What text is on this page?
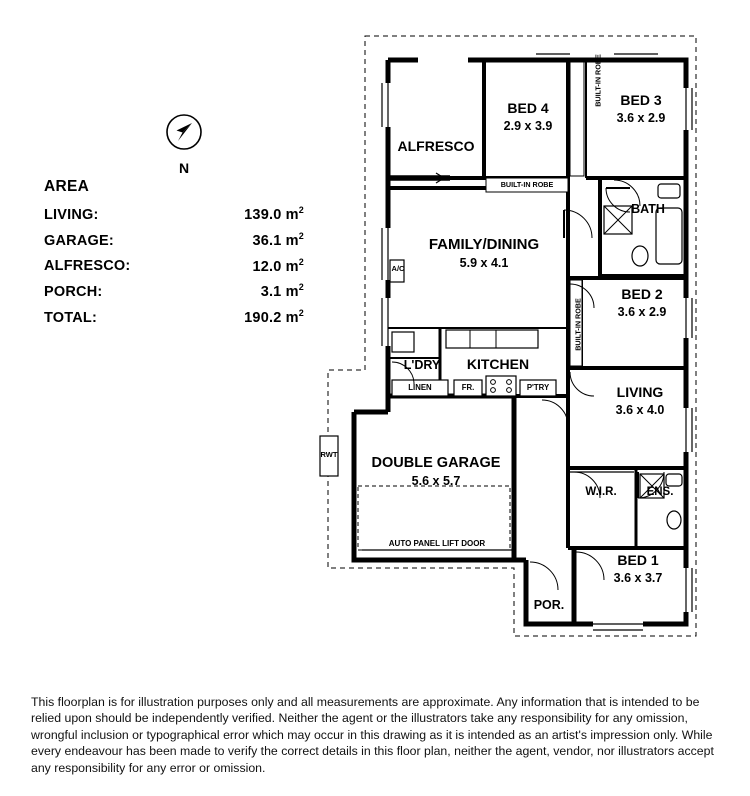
N
AREA
LIVING:	139.0 $m^2$
GARAGE:	36.1 $m^2$
ALFRESCO:	12.0 $m^2$
PORCH:	3.1 $m^2$
TOTAL:	190.2 $m^2$
ALFRESCO
BED 4
2.9 x 3.9
BED 3
3.6 x 2.9
BATH
FAMILY/DINING
5.9 x 4.1
BED 2
3.6 x 2.9
L'DRY	KITCHEN
LIVING
3.6 x 4.0
DOUBLE GARAGE
5.6 x 5.7
W.I.R.	ENS.
BED 1
3.6 x 3.7
POR.
BUILT-IN ROBE
BUILT-IN ROBE
BUILT-IN ROBE
A/C
LINEN	FR.	P'TRY
RWT
AUTO PANEL LIFT DOOR
This floorplan is for illustration purposes only and all measurements are approximate. Any information that is intended to be relied upon should be independently verified. Neither the agent or the illustrators take any responsibility for any omission, wrongful inclusion or typographical error which may occur in this drawing as it is intended as an artist's impression only. While every endeavour has been made to verify the correct details in this floor plan, neither the agent, vendor, nor illustrators accept any responsibility for any error or omission.
